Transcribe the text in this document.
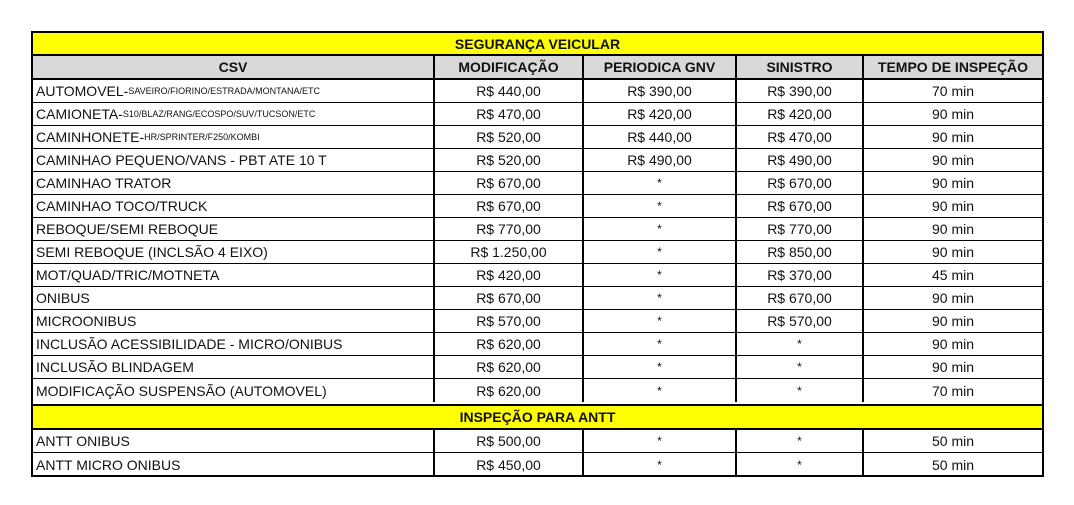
SEGURANÇA VEICULAR
CSV	MODIFICAÇÃO	PERIODICA GNV	SINISTRO	TEMPO DE INSPEÇÃO
AUTOMOVEL- SAVEIRO/FIORINO/ESTRADA/MONTANA/ETC	R$ 440,00	R$ 390,00	R$ 390,00	70 min
CAMIONETA- S10/BLAZ/RANG/ECOSPO/SUV/TUCSON/ETC	R$ 470,00	R$ 420,00	R$ 420,00	90 min
CAMINHONETE- HR/SPRINTER/F250/KOMBI	R$ 520,00	R$ 440,00	R$ 470,00	90 min
CAMINHAO PEQUENO/VANS - PBT ATE 10 T	R$ 520,00	R$ 490,00	R$ 490,00	90 min
CAMINHAO TRATOR	R$ 670,00	*	R$ 670,00	90 min
CAMINHAO TOCO/TRUCK	R$ 670,00	*	R$ 670,00	90 min
REBOQUE/SEMI REBOQUE	R$ 770,00	*	R$ 770,00	90 min
SEMI REBOQUE (INCLSÃO 4 EIXO)	R$ 1.250,00	*	R$ 850,00	90 min
MOT/QUAD/TRIC/MOTNETA	R$ 420,00	*	R$ 370,00	45 min
ONIBUS	R$ 670,00	*	R$ 670,00	90 min
MICROONIBUS	R$ 570,00	*	R$ 570,00	90 min
INCLUSÃO ACESSIBILIDADE - MICRO/ONIBUS	R$ 620,00	*	*	90 min
INCLUSÃO BLINDAGEM	R$ 620,00	*	*	90 min
MODIFICAÇÃO SUSPENSÃO (AUTOMOVEL)	R$ 620,00	*	*	70 min
INSPEÇÃO PARA ANTT
ANTT ONIBUS	R$ 500,00	*	*	50 min
ANTT MICRO ONIBUS	R$ 450,00	*	*	50 min
